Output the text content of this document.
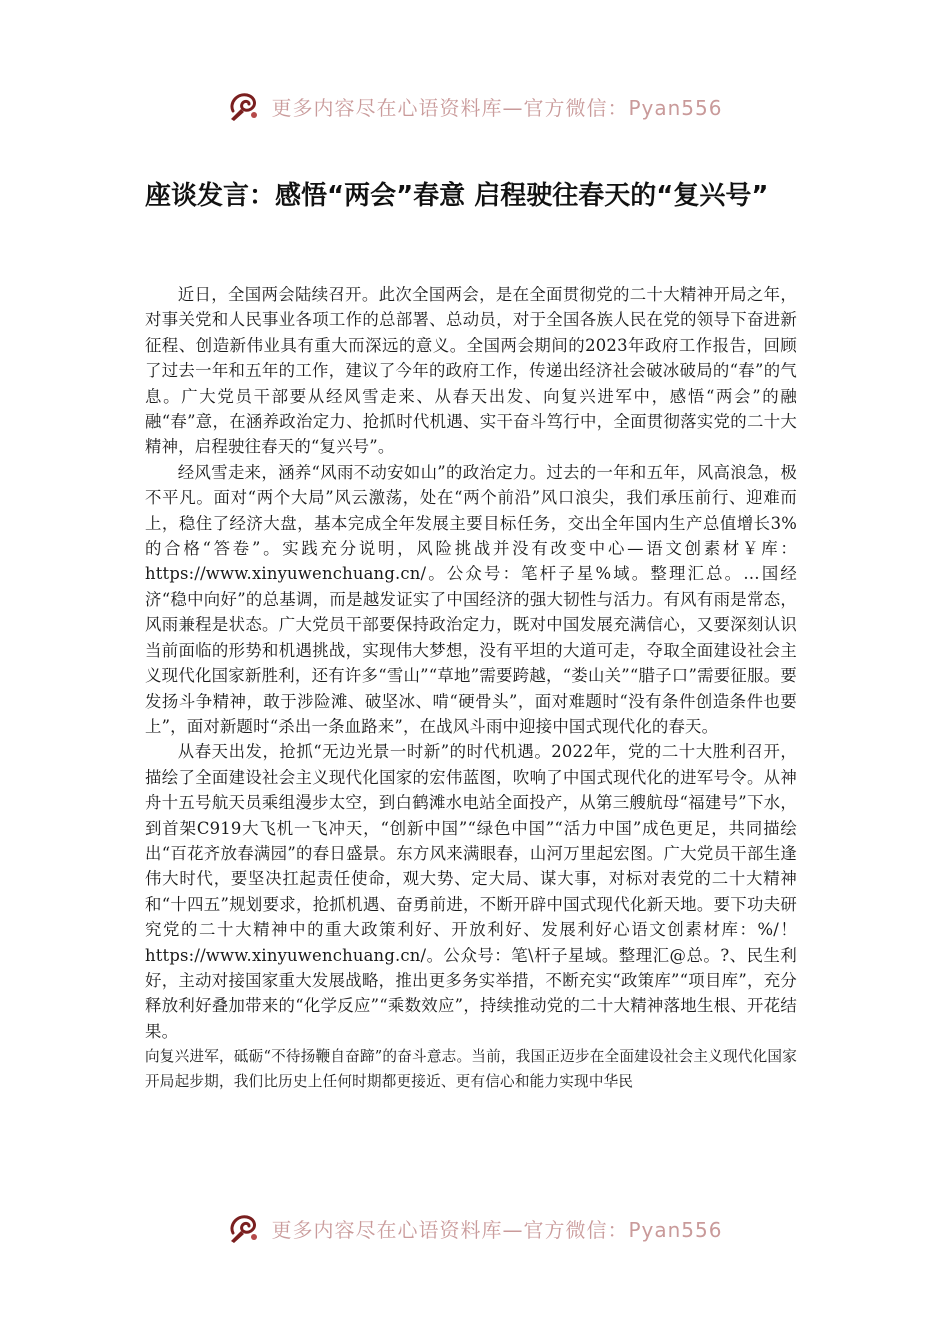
更多内容尽在心语资料库—官方微信：Pyan556
座谈发言：感悟“两会”春意 启程驶往春天的“复兴号”

近日，全国两会陆续召开。此次全国两会，是在全面贯彻党的二十大精神开局之年，对事关党和人民事业各项工作的总部署、总动员，对于全国各族人民在党的领导下奋进新征程、创造新伟业具有重大而深远的意义。全国两会期间的2023年政府工作报告，回顾了过去一年和五年的工作，建议了今年的政府工作，传递出经济社会破冰破局的“春”的气息。广大党员干部要从经风雪走来、从春天出发、向复兴进军中，感悟“两会”的融融“春”意，在涵养政治定力、抢抓时代机遇、实干奋斗笃行中，全面贯彻落实党的二十大精神，启程驶往春天的“复兴号”。

经风雪走来，涵养“风雨不动安如山”的政治定力。过去的一年和五年，风高浪急，极不平凡。面对“两个大局”风云激荡，处在“两个前沿”风口浪尖，我们承压前行、迎难而上，稳住了经济大盘，基本完成全年发展主要目标任务，交出全年国内生产总值增长3%的合格“答卷”。实践充分说明，风险挑战并没有改变中心—语文创素材￥库：https://www.xinyuwenchuang.cn/。公众号：笔杆子星%域。整理汇总。…国经济“稳中向好”的总基调，而是越发证实了中国经济的强大韧性与活力。有风有雨是常态，风雨兼程是状态。广大党员干部要保持政治定力，既对中国发展充满信心，又要深刻认识当前面临的形势和机遇挑战，实现伟大梦想，没有平坦的大道可走，夺取全面建设社会主义现代化国家新胜利，还有许多“雪山”“草地”需要跨越，“娄山关”“腊子口”需要征服。要发扬斗争精神，敢于涉险滩、破坚冰、啃“硬骨头”，面对难题时“没有条件创造条件也要上”，面对新题时“杀出一条血路来”，在战风斗雨中迎接中国式现代化的春天。

从春天出发，抢抓“无边光景一时新”的时代机遇。2022年，党的二十大胜利召开，描绘了全面建设社会主义现代化国家的宏伟蓝图，吹响了中国式现代化的进军号令。从神舟十五号航天员乘组漫步太空，到白鹤滩水电站全面投产，从第三艘航母“福建号”下水，到首架C919大飞机一飞冲天，“创新中国”“绿色中国”“活力中国”成色更足，共同描绘出“百花齐放春满园”的春日盛景。东方风来满眼春，山河万里起宏图。广大党员干部生逢伟大时代，要坚决扛起责任使命，观大势、定大局、谋大事，对标对表党的二十大精神和“十四五”规划要求，抢抓机遇、奋勇前进，不断开辟中国式现代化新天地。要下功夫研究党的二十大精神中的重大政策利好、开放利好、发展利好心语文创素材库：%/！https://www.xinyuwenchuang.cn/。公众号：笔\杆子星域。整理汇@总。?、民生利好，主动对接国家重大发展战略，推出更多务实举措，不断充实“政策库”“项目库”，充分释放利好叠加带来的“化学反应”“乘数效应”，持续推动党的二十大精神落地生根、开花结果。

向复兴进军，砥砺“不待扬鞭自奋蹄”的奋斗意志。当前，我国正迈步在全面建设社会主义现代化国家开局起步期，我们比历史上任何时期都更接近、更有信心和能力实现中华民

更多内容尽在心语资料库—官方微信：Pyan556
